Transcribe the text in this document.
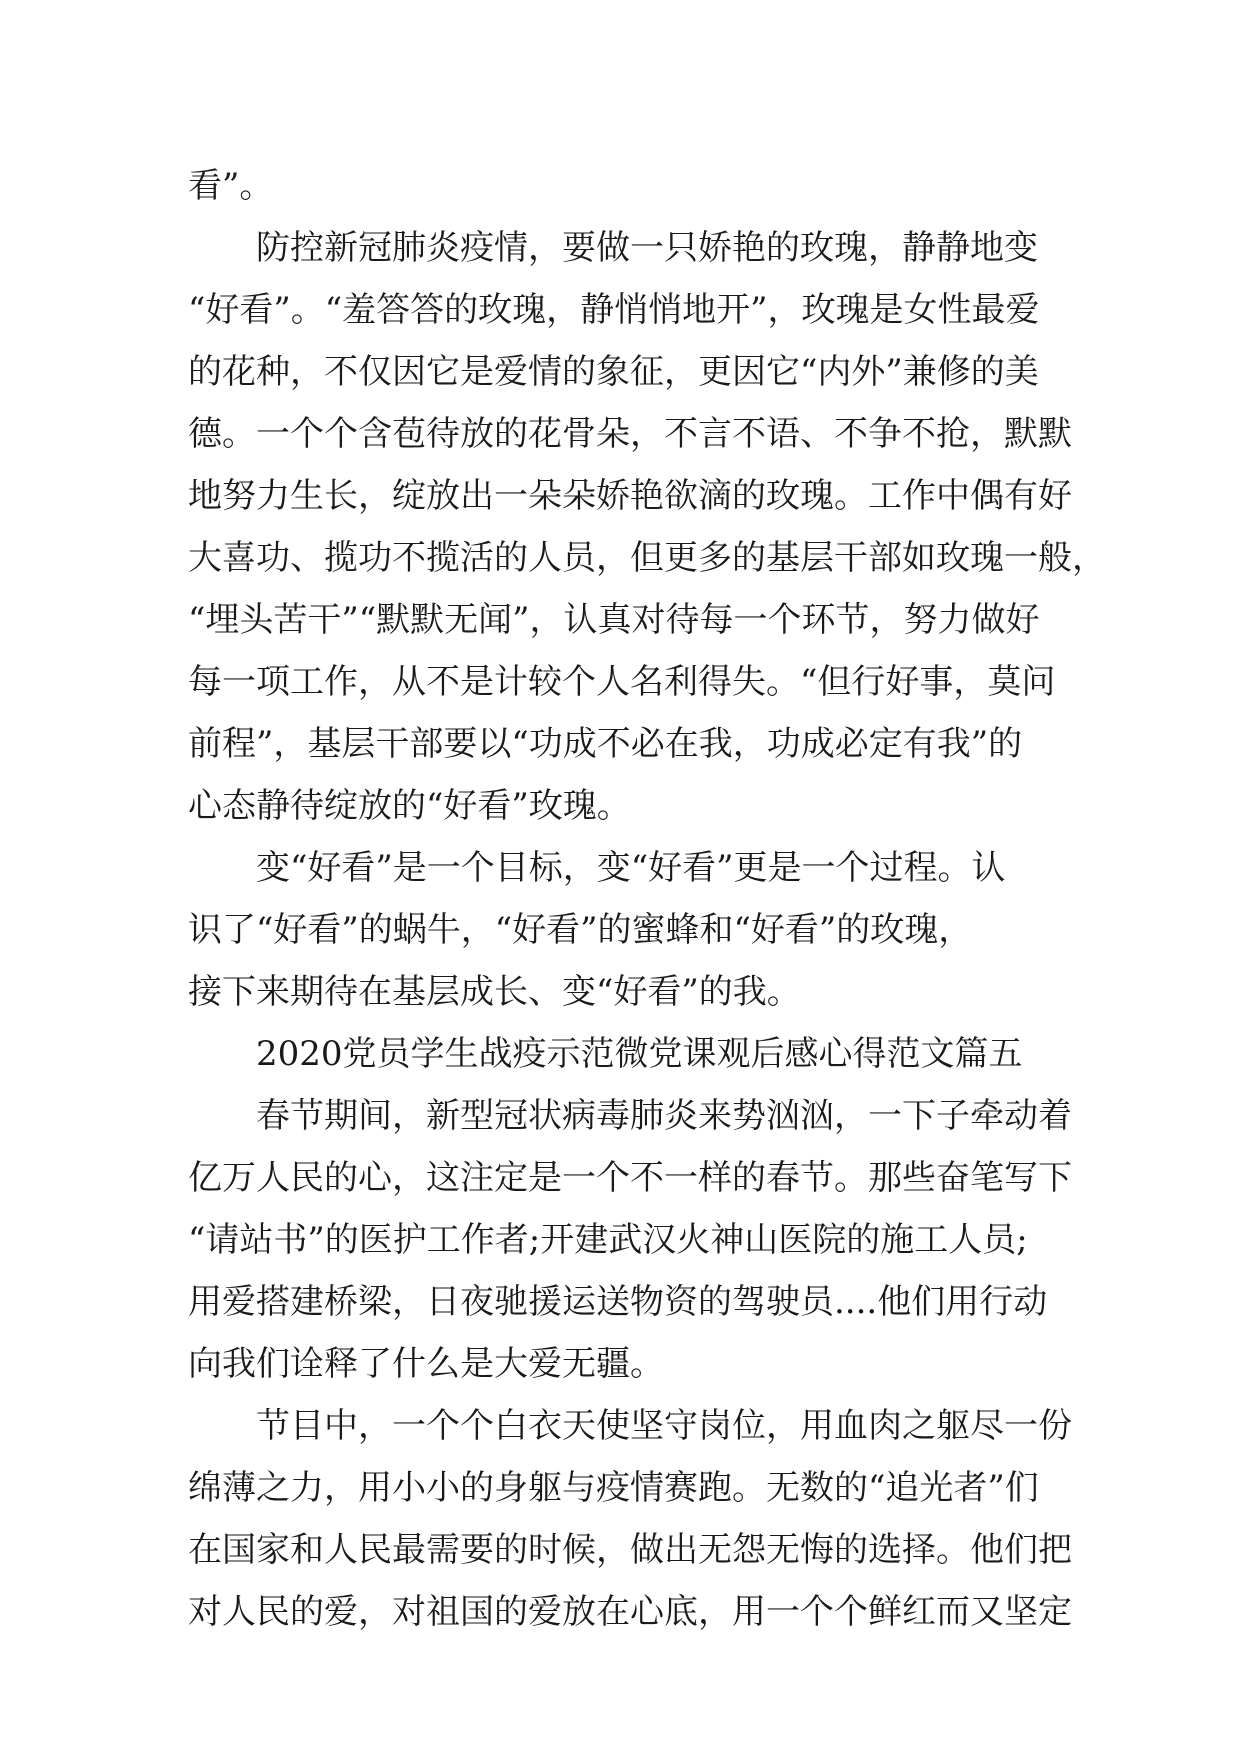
看”。
防控新冠肺炎疫情，要做一只娇艳的玫瑰，静静地变
“好看”。“羞答答的玫瑰，静悄悄地开”，玫瑰是女性最爱
的花种，不仅因它是爱情的象征，更因它“内外”兼修的美
德。一个个含苞待放的花骨朵，不言不语、不争不抢，默默
地努力生长，绽放出一朵朵娇艳欲滴的玫瑰。工作中偶有好
大喜功、揽功不揽活的人员，但更多的基层干部如玫瑰一般，
“埋头苦干”“默默无闻”，认真对待每一个环节，努力做好
每一项工作，从不是计较个人名利得失。“但行好事，莫问
前程”，基层干部要以“功成不必在我，功成必定有我”的
心态静待绽放的“好看”玫瑰。
变“好看”是一个目标，变“好看”更是一个过程。认
识了“好看”的蜗牛，“好看”的蜜蜂和“好看”的玫瑰，
接下来期待在基层成长、变“好看”的我。
2020党员学生战疫示范微党课观后感心得范文篇五
春节期间，新型冠状病毒肺炎来势汹汹，一下子牵动着
亿万人民的心，这注定是一个不一样的春节。那些奋笔写下
“请站书”的医护工作者;开建武汉火神山医院的施工人员;
用爱搭建桥梁，日夜驰援运送物资的驾驶员....他们用行动
向我们诠释了什么是大爱无疆。
节目中，一个个白衣天使坚守岗位，用血肉之躯尽一份
绵薄之力，用小小的身躯与疫情赛跑。无数的“追光者”们
在国家和人民最需要的时候，做出无怨无悔的选择。他们把
对人民的爱，对祖国的爱放在心底，用一个个鲜红而又坚定
